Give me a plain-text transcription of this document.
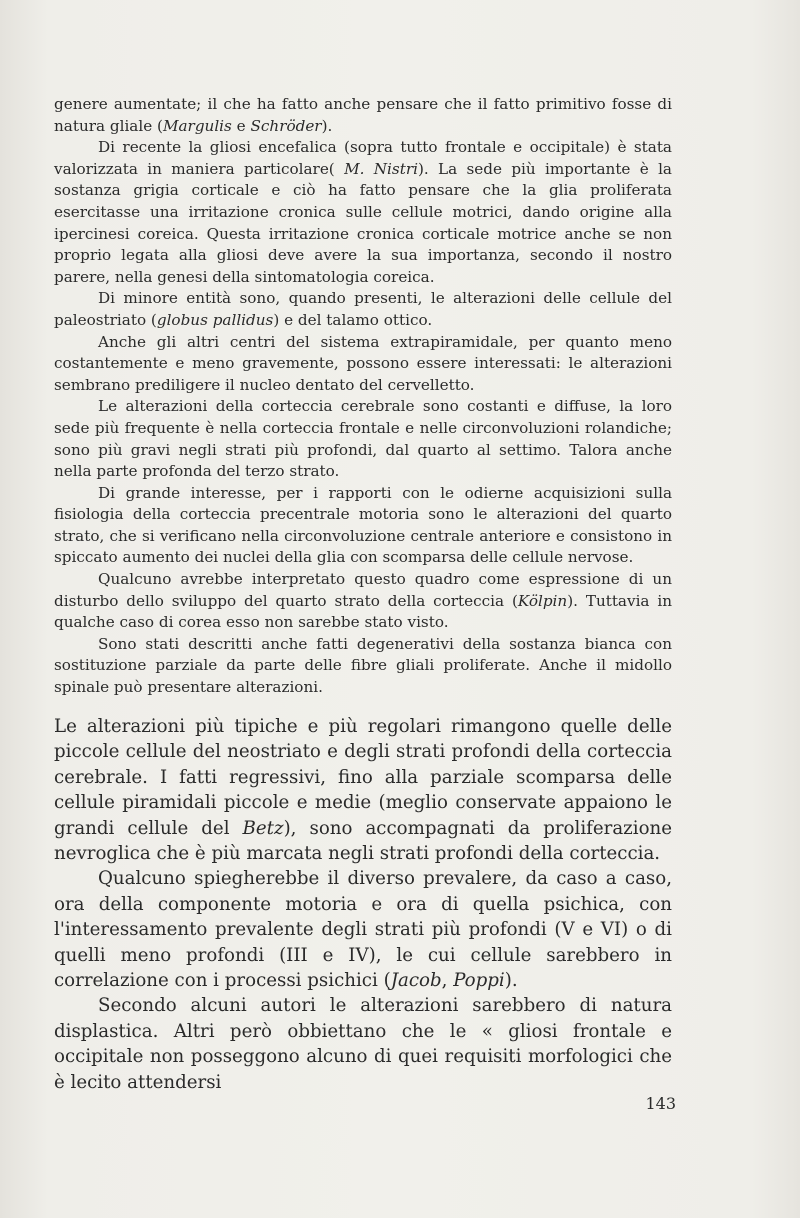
genere aumentate; il che ha fatto anche pensare che il fatto primitivo fosse di natura gliale (Margulis e Schröder).

Di recente la gliosi encefalica (sopra tutto frontale e occipitale) è stata valorizzata in maniera particolare( M. Nistri). La sede più importante è la sostanza grigia corticale e ciò ha fatto pensare che la glia proliferata esercitasse una irritazione cronica sulle cellule motrici, dando origine alla ipercinesi coreica. Questa irritazione cronica corticale motrice anche se non proprio legata alla gliosi deve avere la sua importanza, secondo il nostro parere, nella genesi della sintomatologia coreica.

Di minore entità sono, quando presenti, le alterazioni delle cellule del paleostriato (globus pallidus) e del talamo ottico.

Anche gli altri centri del sistema extrapiramidale, per quanto meno costantemente e meno gravemente, possono essere interessati: le alterazioni sembrano prediligere il nucleo dentato del cervelletto.

Le alterazioni della corteccia cerebrale sono costanti e diffuse, la loro sede più frequente è nella corteccia frontale e nelle circonvoluzioni rolandiche; sono più gravi negli strati più profondi, dal quarto al settimo. Talora anche nella parte profonda del terzo strato.

Di grande interesse, per i rapporti con le odierne acquisizioni sulla fisiologia della corteccia precentrale motoria sono le alterazioni del quarto strato, che si verificano nella circonvoluzione centrale anteriore e consistono in spiccato aumento dei nuclei della glia con scomparsa delle cellule nervose.

Qualcuno avrebbe interpretato questo quadro come espressione di un disturbo dello sviluppo del quarto strato della corteccia (Kölpin). Tuttavia in qualche caso di corea esso non sarebbe stato visto.

Sono stati descritti anche fatti degenerativi della sostanza bianca con sostituzione parziale da parte delle fibre gliali proliferate. Anche il midollo spinale può presentare alterazioni.

Le alterazioni più tipiche e più regolari rimangono quelle delle piccole cellule del neostriato e degli strati profondi della corteccia cerebrale. I fatti regressivi, fino alla parziale scomparsa delle cellule piramidali piccole e medie (meglio conservate appaiono le grandi cellule del Betz), sono accompagnati da proliferazione nevroglica che è più marcata negli strati profondi della corteccia.

Qualcuno spiegherebbe il diverso prevalere, da caso a caso, ora della componente motoria e ora di quella psichica, con l'interessamento prevalente degli strati più profondi (V e VI) o di quelli meno profondi (III e IV), le cui cellule sarebbero in correlazione con i processi psichici (Jacob, Poppi).

Secondo alcuni autori le alterazioni sarebbero di natura displastica. Altri però obbiettano che le « gliosi frontale e occipitale non posseggono alcuno di quei requisiti morfologici che è lecito attendersi

143
